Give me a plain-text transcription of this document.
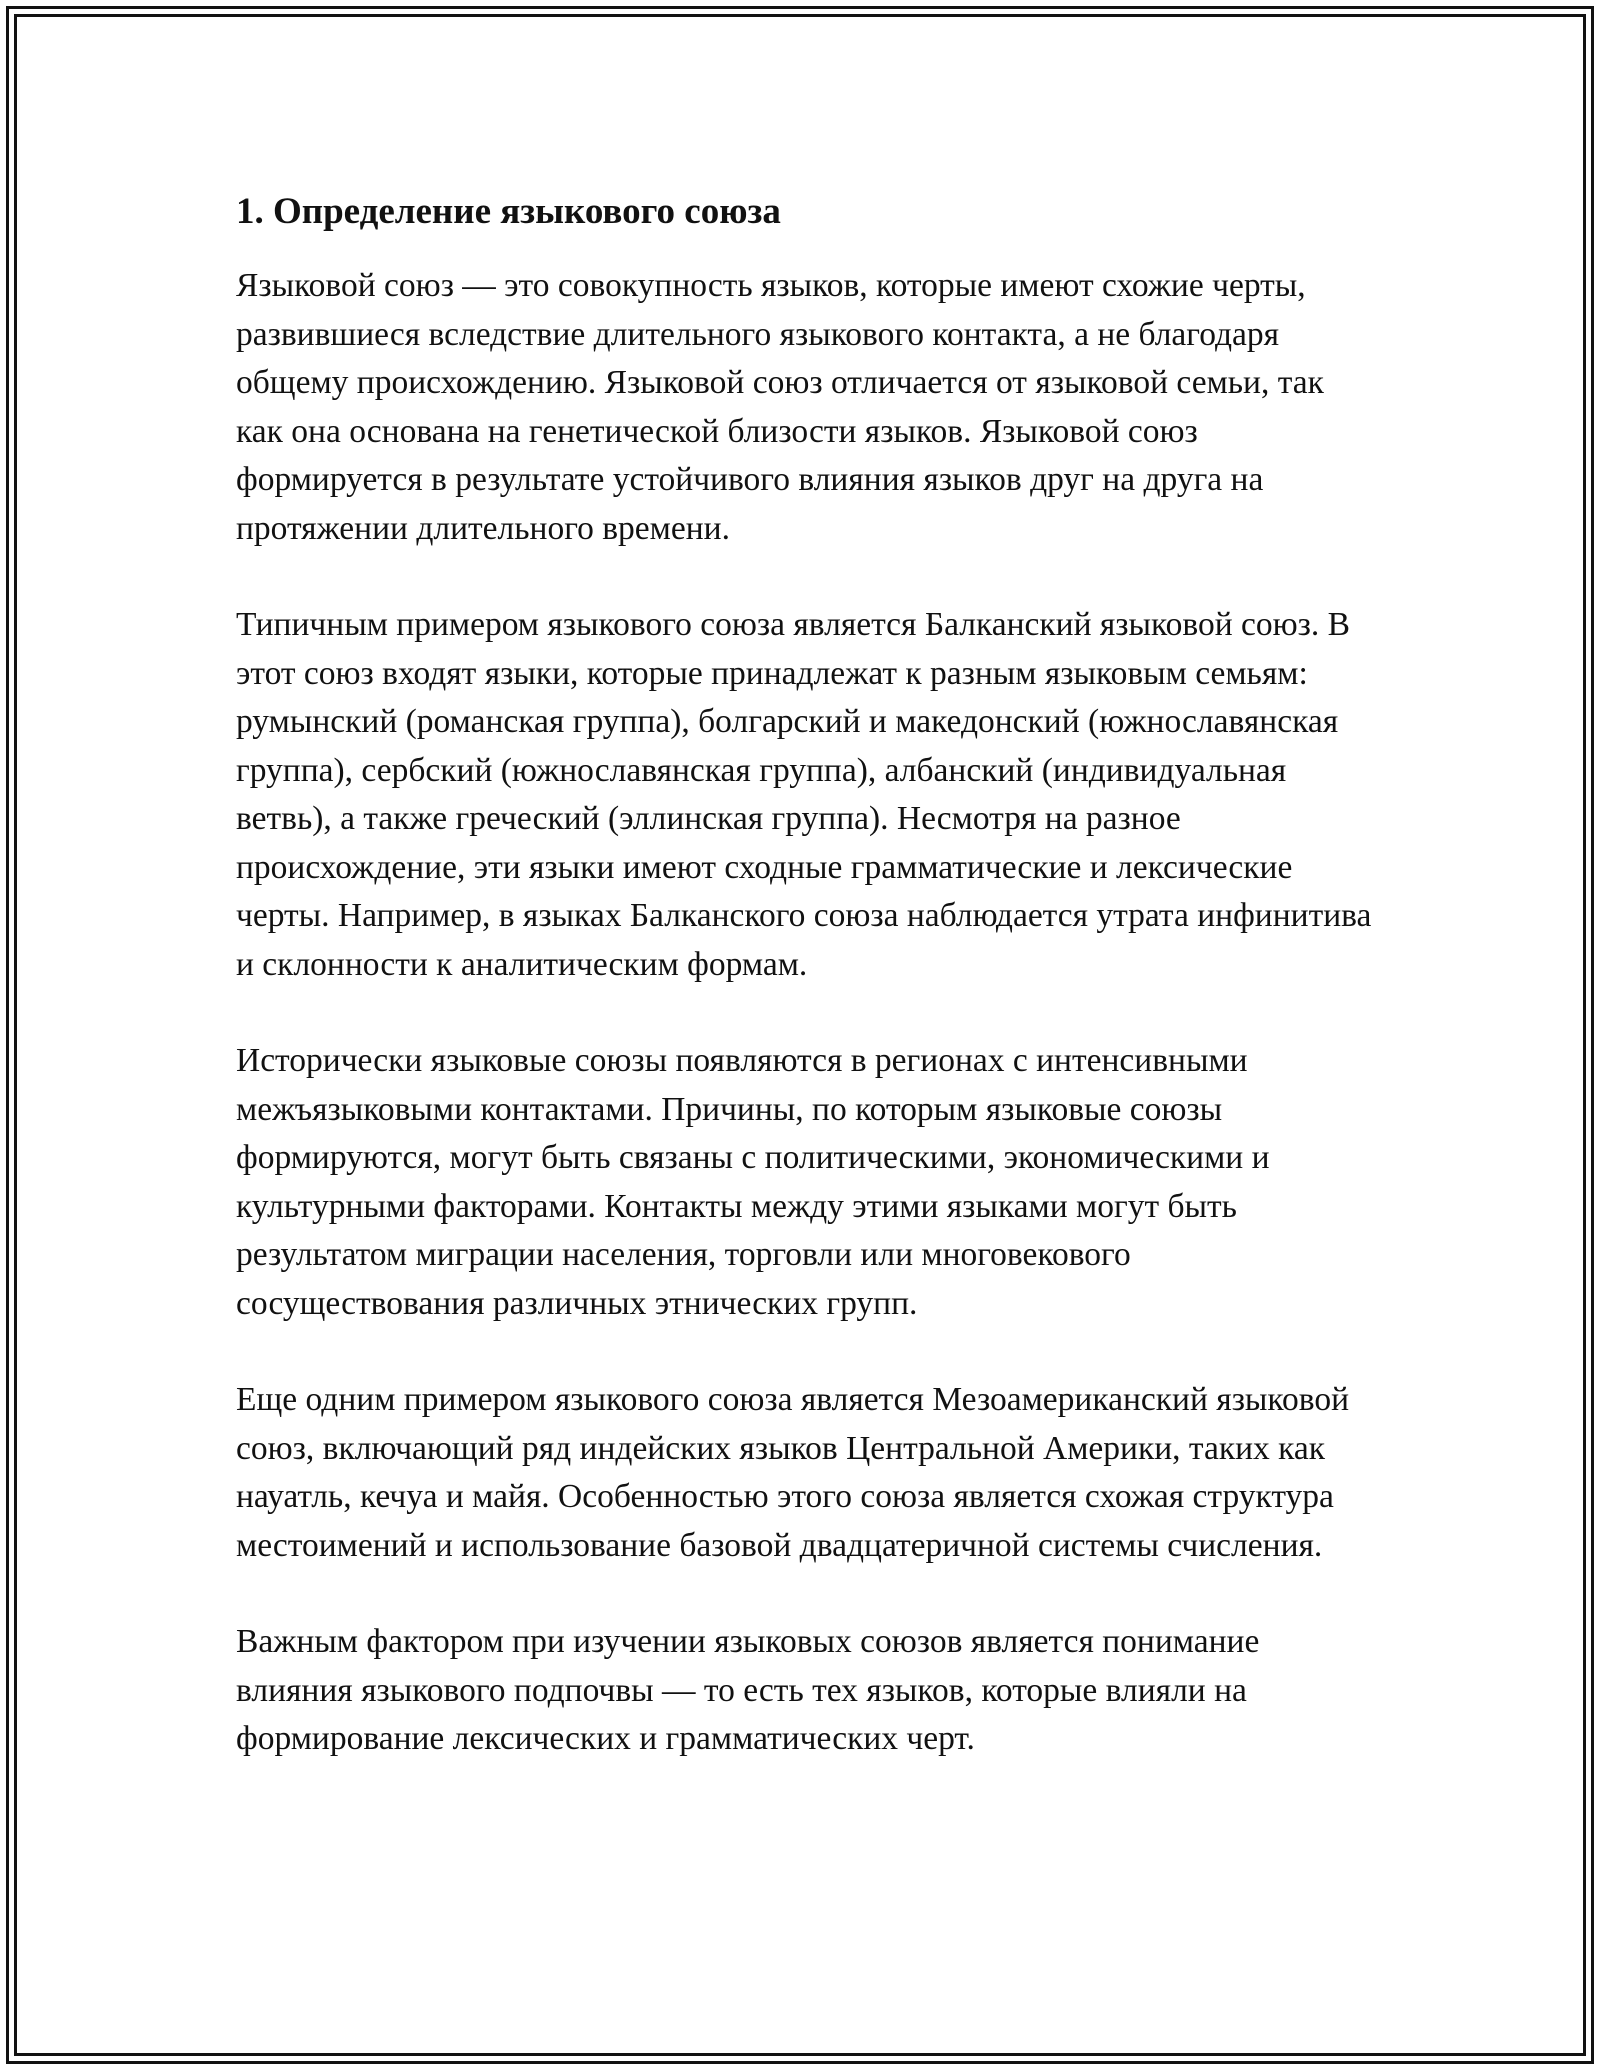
1. Определение языкового союза

Языковой союз — это совокупность языков, которые имеют схожие черты, развившиеся вследствие длительного языкового контакта, а не благодаря общему происхождению. Языковой союз отличается от языковой семьи, так как она основана на генетической близости языков. Языковой союз формируется в результате устойчивого влияния языков друг на друга на протяжении длительного времени.

Типичным примером языкового союза является Балканский языковой союз. В этот союз входят языки, которые принадлежат к разным языковым семьям: румынский (романская группа), болгарский и македонский (южнославянская группа), сербский (южнославянская группа), албанский (индивидуальная ветвь), а также греческий (эллинская группа). Несмотря на разное происхождение, эти языки имеют сходные грамматические и лексические черты. Например, в языках Балканского союза наблюдается утрата инфинитива и склонности к аналитическим формам.

Исторически языковые союзы появляются в регионах с интенсивными межъязыковыми контактами. Причины, по которым языковые союзы формируются, могут быть связаны с политическими, экономическими и культурными факторами. Контакты между этими языками могут быть результатом миграции населения, торговли или многовекового сосуществования различных этнических групп.

Еще одним примером языкового союза является Мезоамериканский языковой союз, включающий ряд индейских языков Центральной Америки, таких как науатль, кечуа и майя. Особенностью этого союза является схожая структура местоимений и использование базовой двадцатеричной системы счисления.

Важным фактором при изучении языковых союзов является понимание влияния языкового подпочвы — то есть тех языков, которые влияли на формирование лексических и грамматических черт.
